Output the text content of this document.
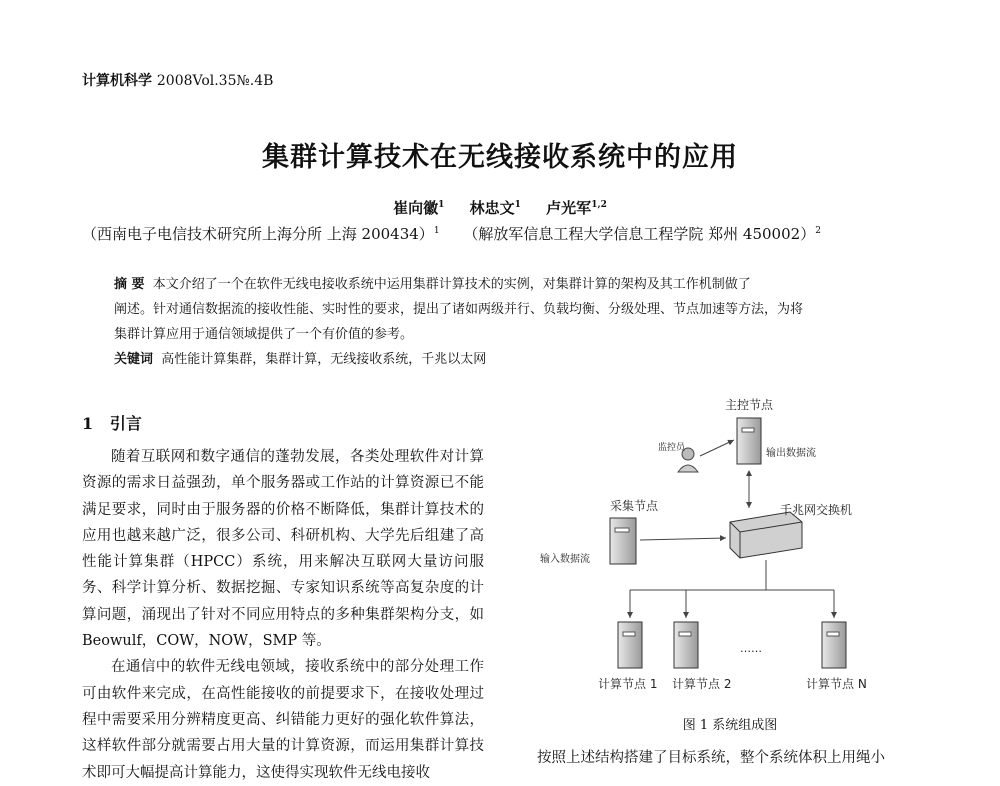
计算机科学 2008Vol.35№.4B
集群计算技术在无线接收系统中的应用
崔向徽$^1$ 林忠文$^1$ 卢光军$^{1,2}$
（西南电子电信技术研究所上海分所 上海 200434）$^1$ （解放军信息工程大学信息工程学院 郑州 450002）$^2$

摘 要 本文介绍了一个在软件无线电接收系统中运用集群计算技术的实例，对集群计算的架构及其工作机制做了

阐述。针对通信数据流的接收性能、实时性的要求，提出了诸如两级并行、负载均衡、分级处理、节点加速等方法，为将

集群计算应用于通信领域提供了一个有价值的参考。

关键词 高性能计算集群，集群计算，无线接收系统，千兆以太网
1 引言

随着互联网和数字通信的蓬勃发展，各类处理软件对计算资源的需求日益强劲，单个服务器或工作站的计算资源已不能满足要求，同时由于服务器的价格不断降低，集群计算技术的应用也越来越广泛，很多公司、科研机构、大学先后组建了高性能计算集群（HPCC）系统，用来解决互联网大量访问服务、科学计算分析、数据挖掘、专家知识系统等高复杂度的计算问题，涌现出了针对不同应用特点的多种集群架构分支，如 Beowulf，COW，NOW，SMP 等。

在通信中的软件无线电领域，接收系统中的部分处理工作可由软件来完成，在高性能接收的前提要求下，在接收处理过程中需要采用分辨精度更高、纠错能力更好的强化软件算法，这样软件部分就需要占用大量的计算资源，而运用集群计算技术即可大幅提高计算能力，这使得实现软件无线电接收

主控节点
监控员	输出数据流
采集节点
输入数据流
千兆网交换机
……
计算节点 1 计算节点 2	计算节点 N
图 1 系统组成图
按照上述结构搭建了目标系统，整个系统体积上用绳小
